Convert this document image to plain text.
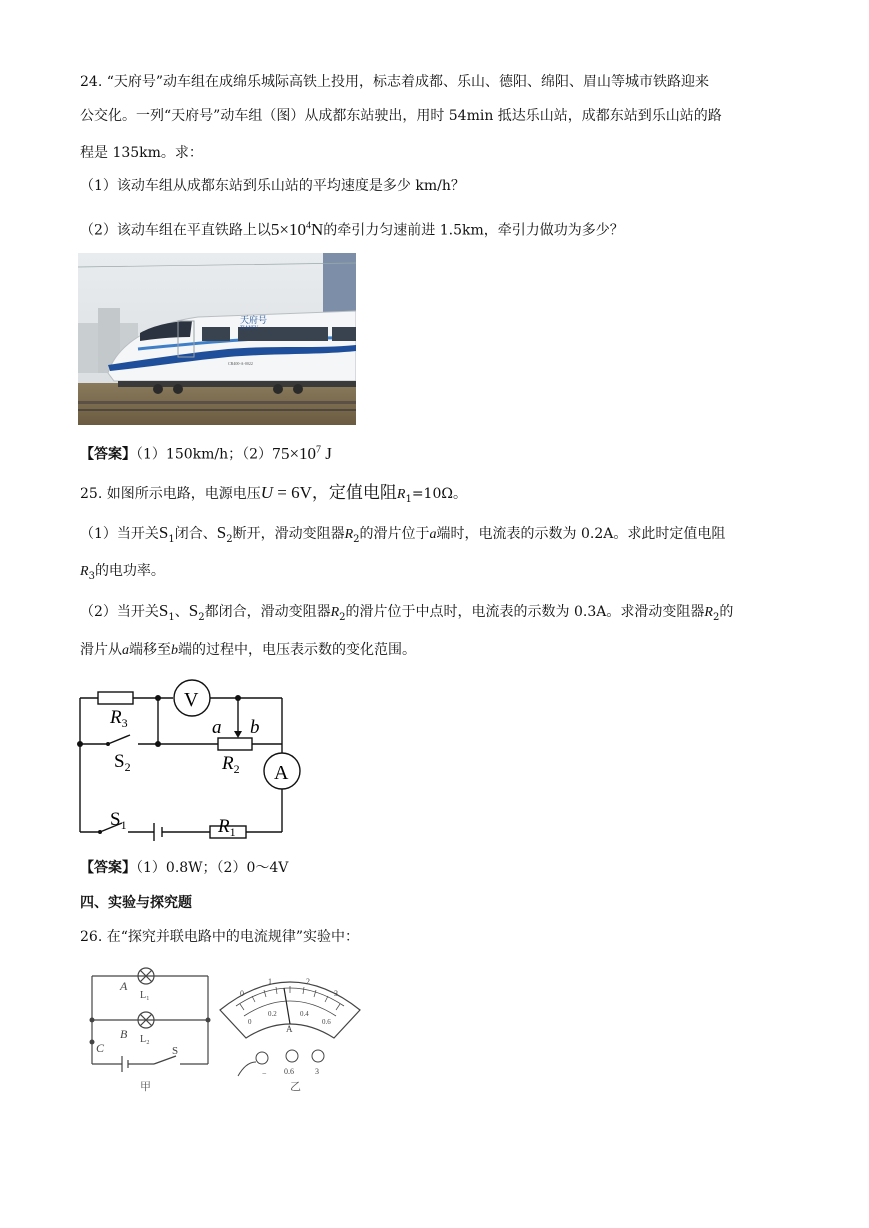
24. “天府号”动车组在成绵乐城际高铁上投用，标志着成都、乐山、德阳、绵阳、眉山等城市铁路迎来
公交化。一列“天府号”动车组（图）从成都东站驶出，用时 54min 抵达乐山站，成都东站到乐山站的路
程是 135km。求：
（1）该动车组从成都东站到乐山站的平均速度是多少 km/h？
（2）该动车组在平直铁路上以$5\times 10^4N$的牵引力匀速前进 1.5km，牵引力做功为多少？
天府号
TIANFU
CR400-A-0022
【答案】（1）150km/h；$(2)75\times 10^7$ J
25. 如图所示电路，电源电压U = 6V，定值电阻$R_1=10\Omega$。
（1）当开关$S_1$闭合、$S_2$断开，滑动变阻器$R_2$的滑片位于a端时，电流表的示数为 0.2A。求此时定值电阻
$R_3$的电功率。
（2）当开关$S_1$、$S_2$都闭合，滑动变阻器$R_2$的滑片位于中点时，电流表的示数为 0.3A。求滑动变阻器$R_2$的
滑片从a端移至b端的过程中，电压表示数的变化范围。
V
A
$R_3$	a b
$R_2$
$S_2$
$S_1$	$R_1$
【答案】（1）0.8W；（2）0～4V
四、实验与探究题
26. 在“探究并联电路中的电流规律”实验中：
A
L₁
B L₂
C	S
甲
0
1	2
3
0
0.2	0.4
0.6
A
− 0.6	3
乙
